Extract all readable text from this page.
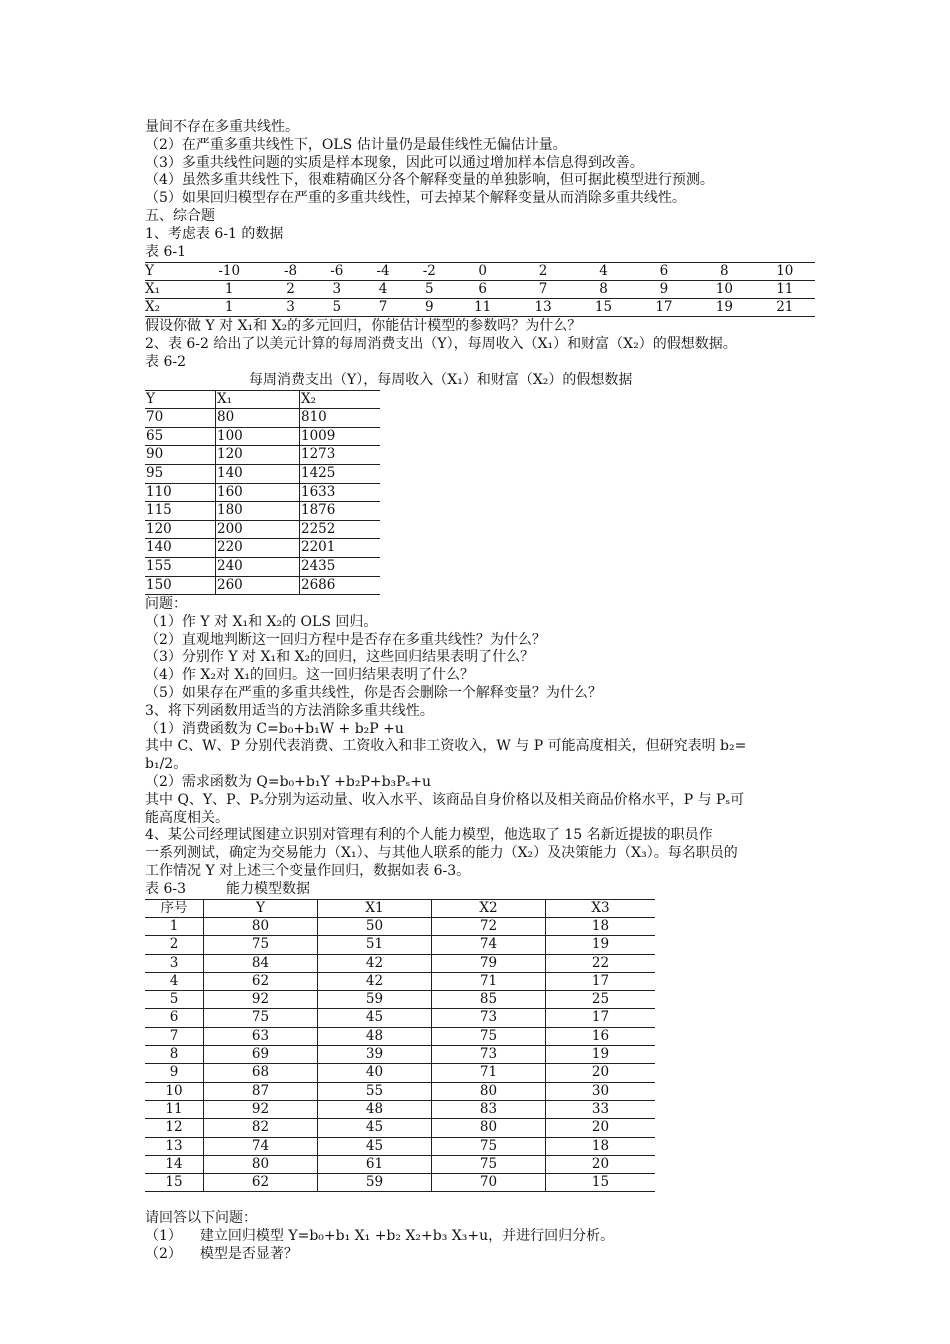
量间不存在多重共线性。
（2）在严重多重共线性下，OLS 估计量仍是最佳线性无偏估计量。
（3）多重共线性问题的实质是样本现象，因此可以通过增加样本信息得到改善。
（4）虽然多重共线性下，很难精确区分各个解释变量的单独影响，但可据此模型进行预测。
（5）如果回归模型存在严重的多重共线性，可去掉某个解释变量从而消除多重共线性。
五、综合题
1、考虑表 6-1 的数据
表 6-1
Y	-10	-8	-6	-4	-2	0	2	4	6	8	10
X₁	1	2	3	4	5	6	7	8	9	10	11
X₂	1	3	5	7	9	11	13	15	17	19	21
假设你做 Y 对 X₁和 X₂的多元回归，你能估计模型的参数吗？为什么？
2、表 6-2 给出了以美元计算的每周消费支出（Y），每周收入（X₁）和财富（X₂）的假想数据。
表 6-2
每周消费支出（Y），每周收入（X₁）和财富（X₂）的假想数据
Y	X₁	X₂
70	80	810
65	100	1009
90	120	1273
95	140	1425
110	160	1633
115	180	1876
120	200	2252
140	220	2201
155	240	2435
150	260	2686
问题：
（1）作 Y 对 X₁和 X₂的 OLS 回归。
（2）直观地判断这一回归方程中是否存在多重共线性？为什么？
（3）分别作 Y 对 X₁和 X₂的回归，这些回归结果表明了什么？
（4）作 X₂对 X₁的回归。这一回归结果表明了什么？
（5）如果存在严重的多重共线性，你是否会删除一个解释变量？为什么？
3、将下列函数用适当的方法消除多重共线性。
（1）消费函数为 C=b₀+b₁W + b₂P +u
其中 C、W、P 分别代表消费、工资收入和非工资收入，W 与 P 可能高度相关，但研究表明 b₂=
b₁/2。
（2）需求函数为 Q=b₀+b₁Y +b₂P+b₃Pₛ+u
其中 Q、Y、P、Pₛ分别为运动量、收入水平、该商品自身价格以及相关商品价格水平，P 与 Pₛ可
能高度相关。
4、某公司经理试图建立识别对管理有利的个人能力模型，他选取了 15 名新近提拔的职员作
一系列测试，确定为交易能力（X₁）、与其他人联系的能力（X₂）及决策能力（X₃）。每名职员的
工作情况 Y 对上述三个变量作回归，数据如表 6-3。
表 6-3	能力模型数据
序号	Y	X1	X2	X3
1	80	50	72	18
2	75	51	74	19
3	84	42	79	22
4	62	42	71	17
5	92	59	85	25
6	75	45	73	17
7	63	48	75	16
8	69	39	73	19
9	68	40	71	20
10	87	55	80	30
11	92	48	83	33
12	82	45	80	20
13	74	45	75	18
14	80	61	75	20
15	62	59	70	15
请回答以下问题：
（1） 建立回归模型 Y=b₀+b₁ X₁ +b₂ X₂+b₃ X₃+u，并进行回归分析。
（2） 模型是否显著？
